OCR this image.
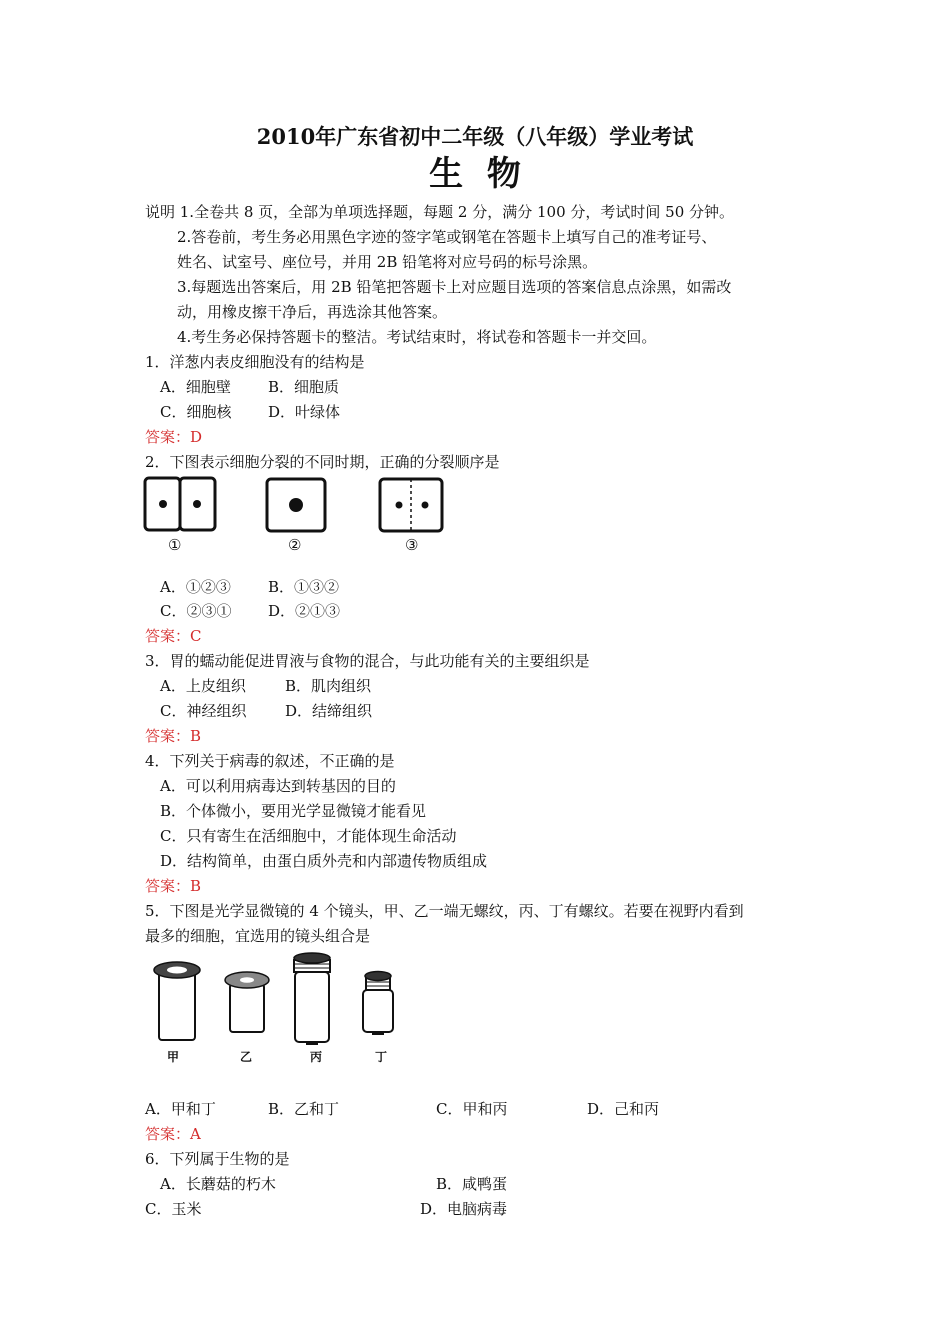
2010年广东省初中二年级（八年级）学业考试
生  物
说明 1.全卷共 8 页，全部为单项选择题，每题 2 分，满分 100 分，考试时间 50 分钟。
2.答卷前，考生务必用黑色字迹的签字笔或钢笔在答题卡上填写自己的准考证号、
姓名、试室号、座位号，并用 2B 铅笔将对应号码的标号涂黑。
3.每题选出答案后，用 2B 铅笔把答题卡上对应题目选项的答案信息点涂黑，如需改
动，用橡皮擦干净后，再选涂其他答案。
4.考生务必保持答题卡的整洁。考试结束时，将试卷和答题卡一并交回。
1．洋葱内表皮细胞没有的结构是
A．细胞壁 B．细胞质
C．细胞核 D．叶绿体
答案：D
2．下图表示细胞分裂的不同时期，正确的分裂顺序是
①	②	③
A．①②③ B．①③②
C．②③① D．②①③
答案：C
3．胃的蠕动能促进胃液与食物的混合，与此功能有关的主要组织是
A．上皮组织	B．肌肉组织
C．神经组织	D．结缔组织
答案：B
4．下列关于病毒的叙述，不正确的是
A．可以利用病毒达到转基因的目的
B．个体微小，要用光学显微镜才能看见
C．只有寄生在活细胞中，才能体现生命活动
D．结构简单，由蛋白质外壳和内部遗传物质组成
答案：B
5．下图是光学显微镜的 4 个镜头，甲、乙一端无螺纹，丙、丁有螺纹。若要在视野内看到
最多的细胞，宜选用的镜头组合是
甲	乙	丙	丁
A．甲和丁	B．乙和丁	C．甲和丙	D．己和丙
答案：A
6．下列属于生物的是
A．长蘑菇的朽木	B．咸鸭蛋
C．玉米	D．电脑病毒
